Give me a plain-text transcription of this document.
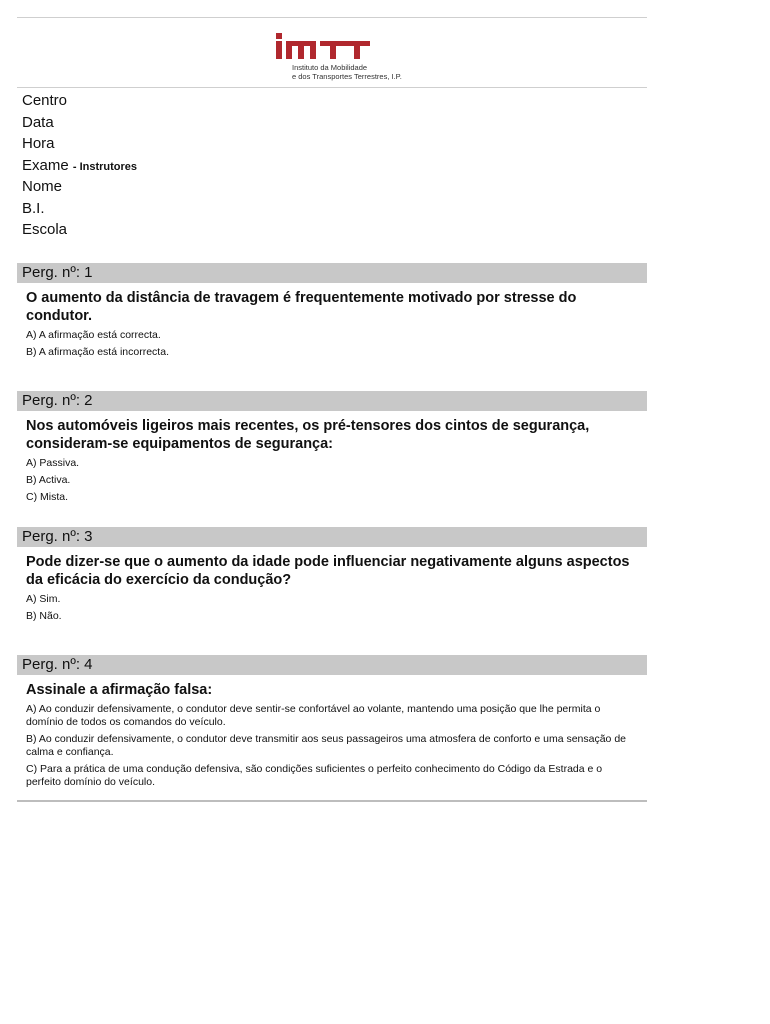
imtt
Instituto da Mobilidade
e dos Transportes Terrestres, I.P.
Centro
Data
Hora
Exame - Instrutores
Nome
B.I.
Escola
Perg. nº: 1
O aumento da distância de travagem é frequentemente motivado por stresse do condutor.
A) A afirmação está correcta.
B) A afirmação está incorrecta.
Perg. nº: 2
Nos automóveis ligeiros mais recentes, os pré-tensores dos cintos de segurança, consideram-se equipamentos de segurança:
A) Passiva.
B) Activa.
C) Mista.
Perg. nº: 3
Pode dizer-se que o aumento da idade pode influenciar negativamente alguns aspectos da eficácia do exercício da condução?
A) Sim.
B) Não.
Perg. nº: 4
Assinale a afirmação falsa:
A) Ao conduzir defensivamente, o condutor deve sentir-se confortável ao volante, mantendo uma posição que lhe permita o domínio de todos os comandos do veículo.
B) Ao conduzir defensivamente, o condutor deve transmitir aos seus passageiros uma atmosfera de conforto e uma sensação de calma e confiança.
C) Para a prática de uma condução defensiva, são condições suficientes o perfeito conhecimento do Código da Estrada e o perfeito domínio do veículo.
